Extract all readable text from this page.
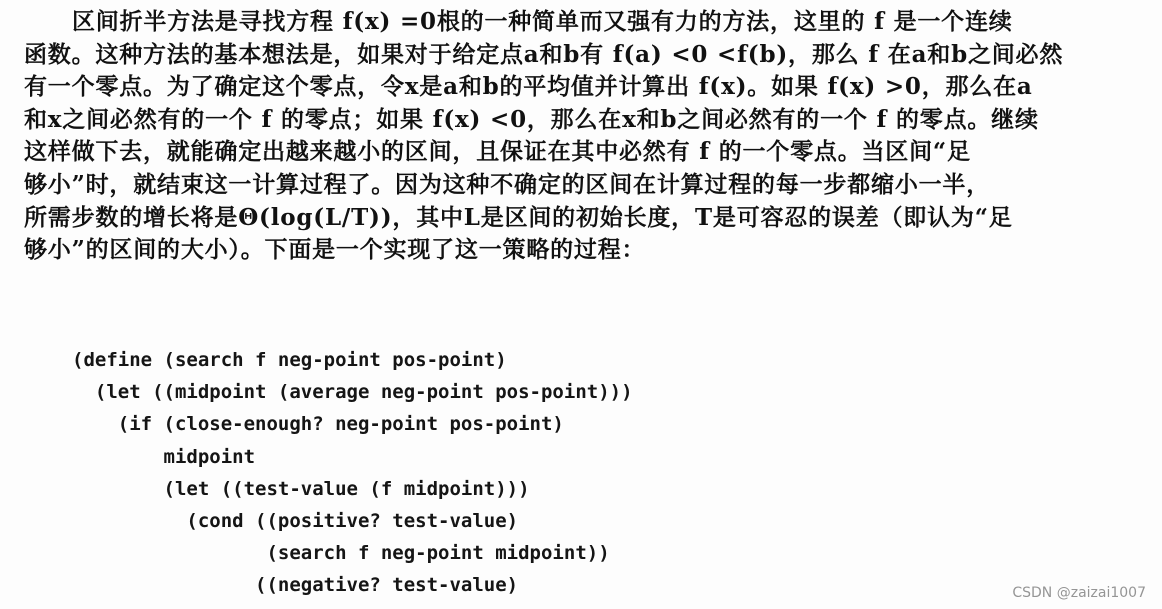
区间折半方法是寻找方程 f(x) =0根的一种简单而又强有力的方法，这里的 f 是一个连续
函数。这种方法的基本想法是，如果对于给定点a和b有 f(a) <0 <f(b)，那么 f 在a和b之间必然
有一个零点。为了确定这个零点，令x是a和b的平均值并计算出 f(x)。如果 f(x) >0，那么在a
和x之间必然有的一个 f 的零点；如果 f(x) <0，那么在x和b之间必然有的一个 f 的零点。继续
这样做下去，就能确定出越来越小的区间，且保证在其中必然有 f 的一个零点。当区间“足
够小”时，就结束这一计算过程了。因为这种不确定的区间在计算过程的每一步都缩小一半，
所需步数的增长将是Θ(log(L/T))，其中L是区间的初始长度，T是可容忍的误差（即认为“足
够小”的区间的大小）。下面是一个实现了这一策略的过程：
(define (search f neg-point pos-point)
(let ((midpoint (average neg-point pos-point)))
(if (close-enough? neg-point pos-point)
midpoint
(let ((test-value (f midpoint)))
(cond ((positive? test-value)
(search f neg-point midpoint))
((negative? test-value)	CSDN @zaizai1007
